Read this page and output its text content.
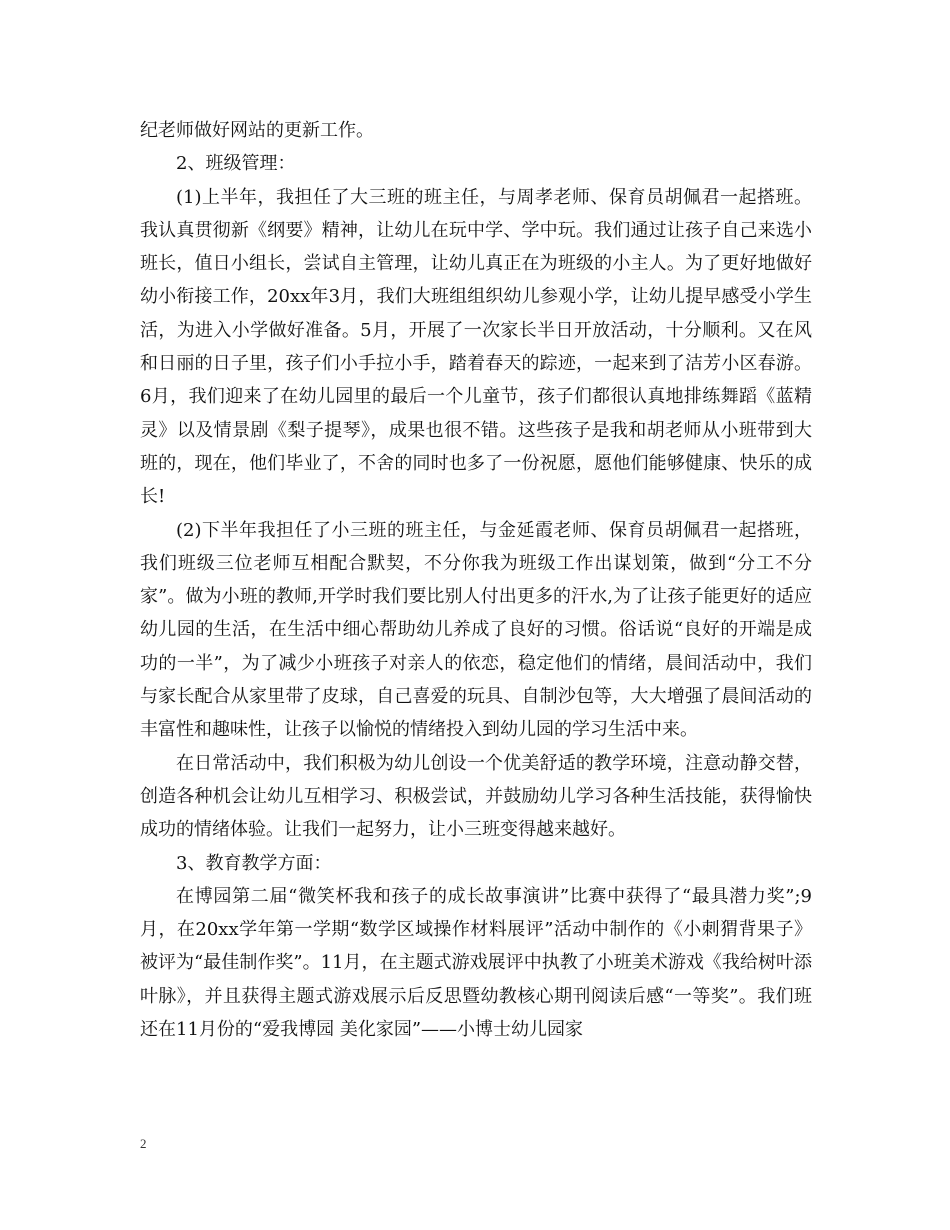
纪老师做好网站的更新工作。

2、班级管理：

(1)上半年，我担任了大三班的班主任，与周孝老师、保育员胡佩君一起搭班。我认真贯彻新《纲要》精神，让幼儿在玩中学、学中玩。我们通过让孩子自己来选小班长，值日小组长，尝试自主管理，让幼儿真正在为班级的小主人。为了更好地做好幼小衔接工作，20xx年3月，我们大班组组织幼儿参观小学，让幼儿提早感受小学生活，为进入小学做好准备。5月，开展了一次家长半日开放活动，十分顺利。又在风和日丽的日子里，孩子们小手拉小手，踏着春天的踪迹，一起来到了洁芳小区春游。6月，我们迎来了在幼儿园里的最后一个儿童节，孩子们都很认真地排练舞蹈《蓝精灵》以及情景剧《梨子提琴》，成果也很不错。这些孩子是我和胡老师从小班带到大班的，现在，他们毕业了，不舍的同时也多了一份祝愿，愿他们能够健康、快乐的成长!

(2)下半年我担任了小三班的班主任，与金延霞老师、保育员胡佩君一起搭班，我们班级三位老师互相配合默契，不分你我为班级工作出谋划策，做到“分工不分家”。做为小班的教师,开学时我们要比别人付出更多的汗水,为了让孩子能更好的适应幼儿园的生活，在生活中细心帮助幼儿养成了良好的习惯。俗话说“良好的开端是成功的一半”，为了减少小班孩子对亲人的依恋，稳定他们的情绪，晨间活动中，我们与家长配合从家里带了皮球，自己喜爱的玩具、自制沙包等，大大增强了晨间活动的丰富性和趣味性，让孩子以愉悦的情绪投入到幼儿园的学习生活中来。

在日常活动中，我们积极为幼儿创设一个优美舒适的教学环境，注意动静交替，创造各种机会让幼儿互相学习、积极尝试，并鼓励幼儿学习各种生活技能，获得愉快成功的情绪体验。让我们一起努力，让小三班变得越来越好。

3、教育教学方面：

在博园第二届“微笑杯我和孩子的成长故事演讲”比赛中获得了“最具潜力奖”;9月，在20xx学年第一学期“数学区域操作材料展评”活动中制作的《小刺猬背果子》被评为“最佳制作奖”。11月，在主题式游戏展评中执教了小班美术游戏《我给树叶添叶脉》，并且获得主题式游戏展示后反思暨幼教核心期刊阅读后感“一等奖”。我们班还在11月份的“爱我博园 美化家园”——小博士幼儿园家

2
